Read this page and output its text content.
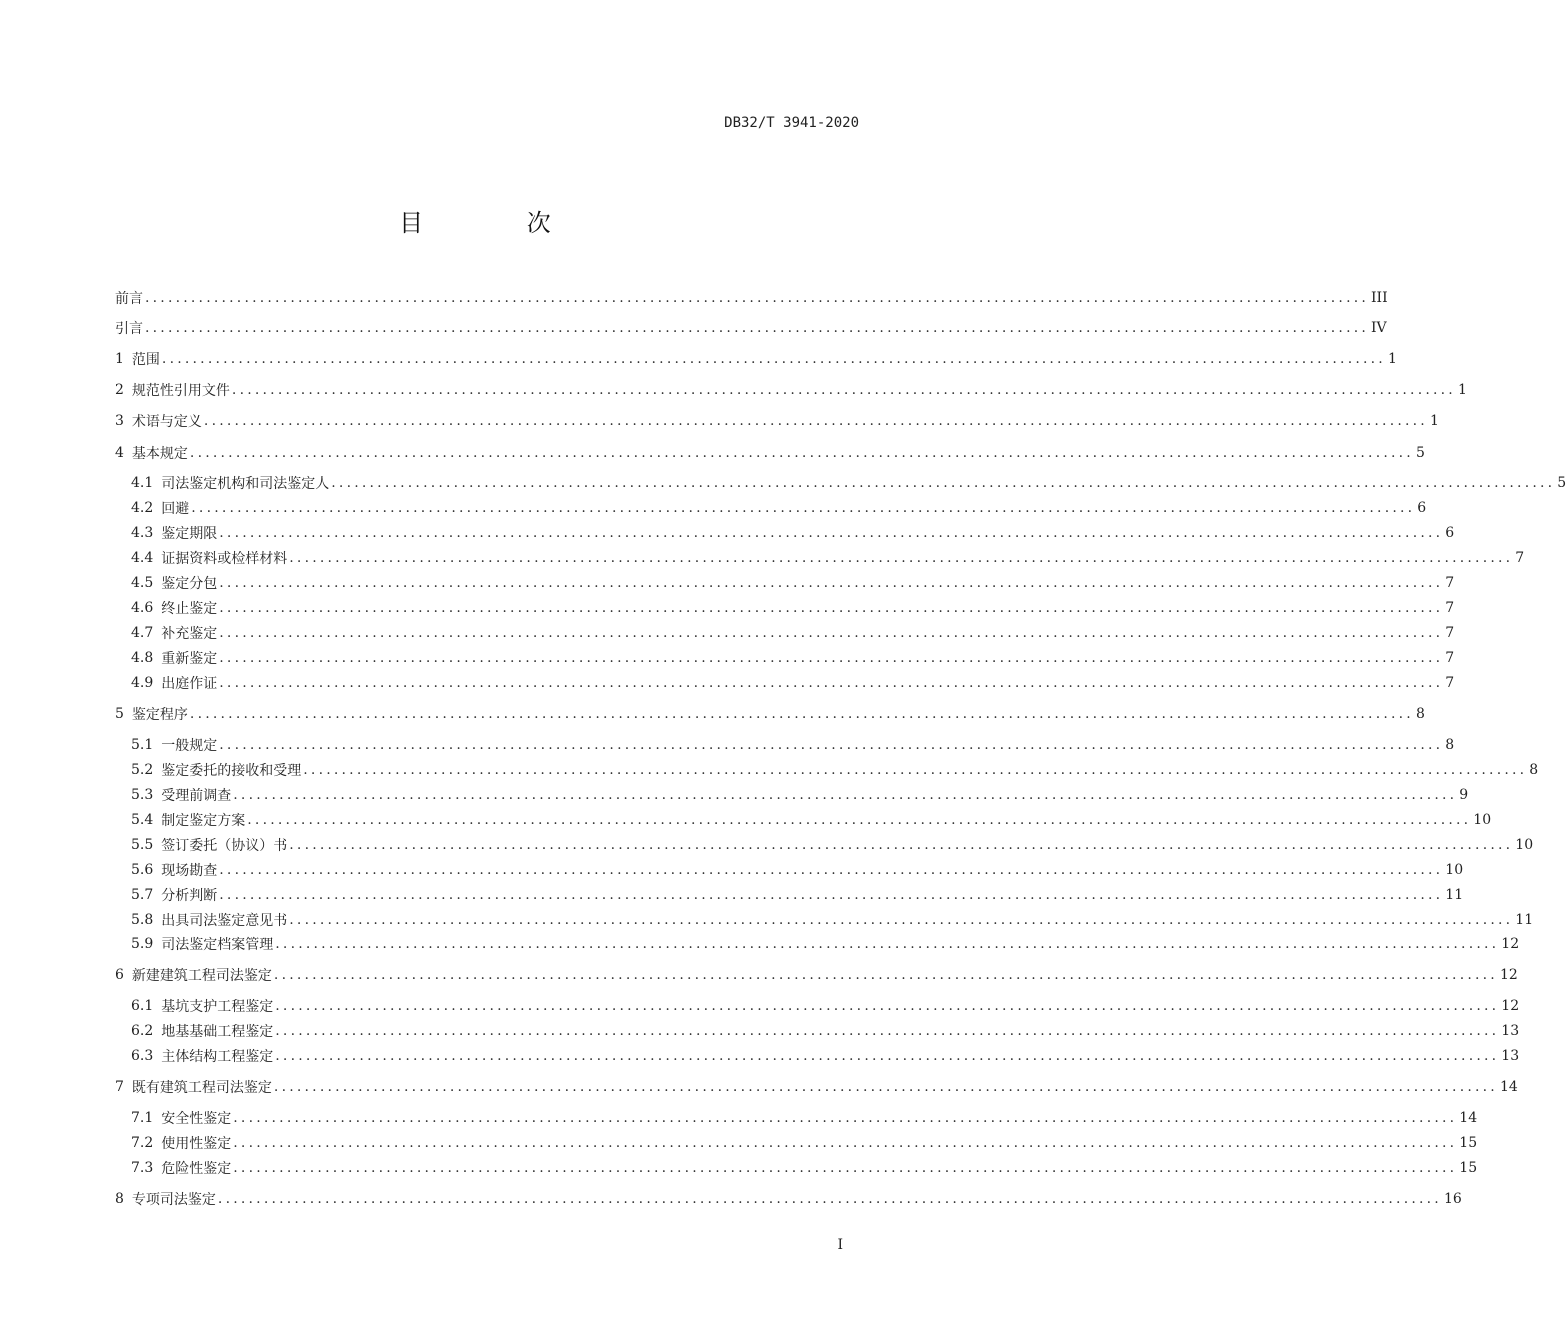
DB32/T 3941-2020
目 次
前言 ................................................................................................................................................................ III
引言 ................................................................................................................................................................ IV
1 范围 ................................................................................................................................................................ 1
2 规范性引用文件 ................................................................................................................................................................ 1
3 术语与定义 ................................................................................................................................................................ 1
4 基本规定 ................................................................................................................................................................ 5
4.1 司法鉴定机构和司法鉴定人 ................................................................................................................................................................ 5
4.2 回避 ................................................................................................................................................................ 6
4.3 鉴定期限 ................................................................................................................................................................ 6
4.4 证据资料或检样材料 ................................................................................................................................................................ 7
4.5 鉴定分包 ................................................................................................................................................................ 7
4.6 终止鉴定 ................................................................................................................................................................ 7
4.7 补充鉴定 ................................................................................................................................................................ 7
4.8 重新鉴定 ................................................................................................................................................................ 7
4.9 出庭作证 ................................................................................................................................................................ 7
5 鉴定程序 ................................................................................................................................................................ 8
5.1 一般规定 ................................................................................................................................................................ 8
5.2 鉴定委托的接收和受理 ................................................................................................................................................................ 8
5.3 受理前调查 ................................................................................................................................................................ 9
5.4 制定鉴定方案 ................................................................................................................................................................ 10
5.5 签订委托（协议）书 ................................................................................................................................................................ 10
5.6 现场勘查 ................................................................................................................................................................ 10
5.7 分析判断 ................................................................................................................................................................ 11
5.8 出具司法鉴定意见书 ................................................................................................................................................................ 11
5.9 司法鉴定档案管理 ................................................................................................................................................................ 12
6 新建建筑工程司法鉴定 ................................................................................................................................................................ 12
6.1 基坑支护工程鉴定 ................................................................................................................................................................ 12
6.2 地基基础工程鉴定 ................................................................................................................................................................ 13
6.3 主体结构工程鉴定 ................................................................................................................................................................ 13
7 既有建筑工程司法鉴定 ................................................................................................................................................................ 14
7.1 安全性鉴定 ................................................................................................................................................................ 14
7.2 使用性鉴定 ................................................................................................................................................................ 15
7.3 危险性鉴定 ................................................................................................................................................................ 15
8 专项司法鉴定 ................................................................................................................................................................ 16
I
